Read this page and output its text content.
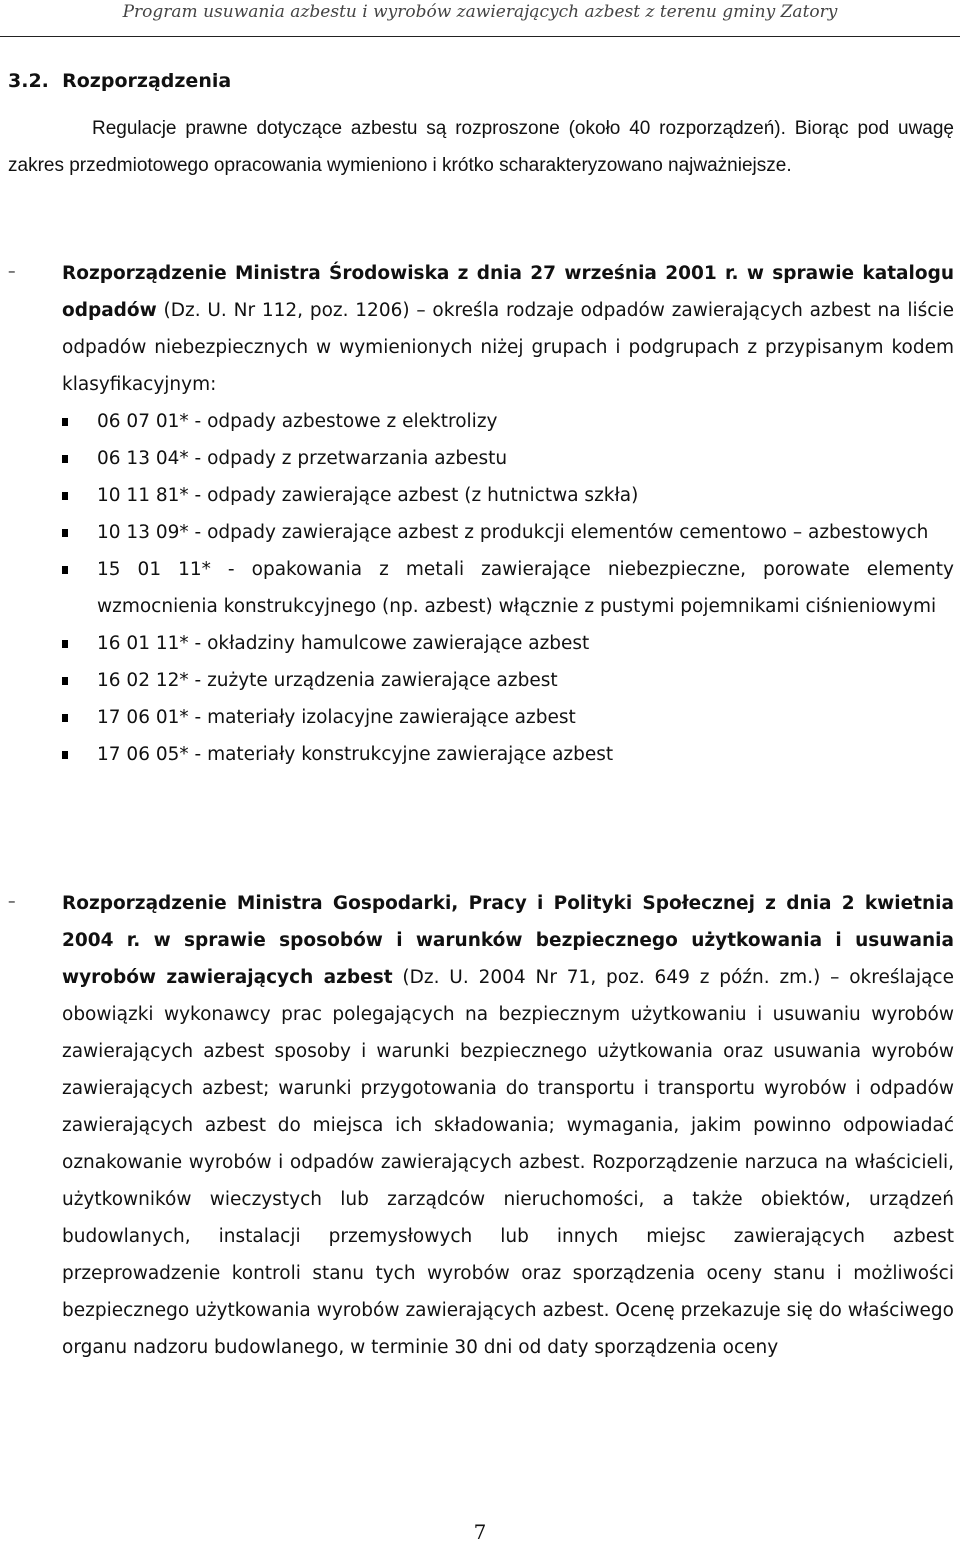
Program usuwania azbestu i wyrobów zawierających azbest z terenu gminy Zatory
3.2. Rozporządzenia
Regulacje prawne dotyczące azbestu są rozproszone (około 40 rozporządzeń). Biorąc pod uwagę zakres przedmiotowego opracowania wymieniono i krótko scharakteryzowano najważniejsze.
–	Rozporządzenie Ministra Środowiska z dnia 27 września 2001 r. w sprawie katalogu odpadów (Dz. U. Nr 112, poz. 1206) – określa rodzaje odpadów zawierających azbest na liście odpadów niebezpiecznych w wymienionych niżej grupach i podgrupach z przypisanym kodem klasyfikacyjnym:
06 07 01* - odpady azbestowe z elektrolizy
06 13 04* - odpady z przetwarzania azbestu
10 11 81* - odpady zawierające azbest (z hutnictwa szkła)
10 13 09* - odpady zawierające azbest z produkcji elementów cementowo – azbestowych
15 01 11* - opakowania z metali zawierające niebezpieczne, porowate elementy wzmocnienia konstrukcyjnego (np. azbest) włącznie z pustymi pojemnikami ciśnieniowymi
16 01 11* - okładziny hamulcowe zawierające azbest
16 02 12* - zużyte urządzenia zawierające azbest
17 06 01* - materiały izolacyjne zawierające azbest
17 06 05* - materiały konstrukcyjne zawierające azbest
–	Rozporządzenie Ministra Gospodarki, Pracy i Polityki Społecznej z dnia 2 kwietnia 2004 r. w sprawie sposobów i warunków bezpiecznego użytkowania i usuwania wyrobów zawierających azbest (Dz. U. 2004 Nr 71, poz. 649 z późn. zm.) – określające obowiązki wykonawcy prac polegających na bezpiecznym użytkowaniu i usuwaniu wyrobów zawierających azbest sposoby i warunki bezpiecznego użytkowania oraz usuwania wyrobów zawierających azbest; warunki przygotowania do transportu i transportu wyrobów i odpadów zawierających azbest do miejsca ich składowania; wymagania, jakim powinno odpowiadać oznakowanie wyrobów i odpadów zawierających azbest. Rozporządzenie narzuca na właścicieli, użytkowników wieczystych lub zarządców nieruchomości, a także obiektów, urządzeń budowlanych, instalacji przemysłowych lub innych miejsc zawierających azbest przeprowadzenie kontroli stanu tych wyrobów oraz sporządzenia oceny stanu i możliwości bezpiecznego użytkowania wyrobów zawierających azbest. Ocenę przekazuje się do właściwego organu nadzoru budowlanego, w terminie 30 dni od daty sporządzenia oceny
7
